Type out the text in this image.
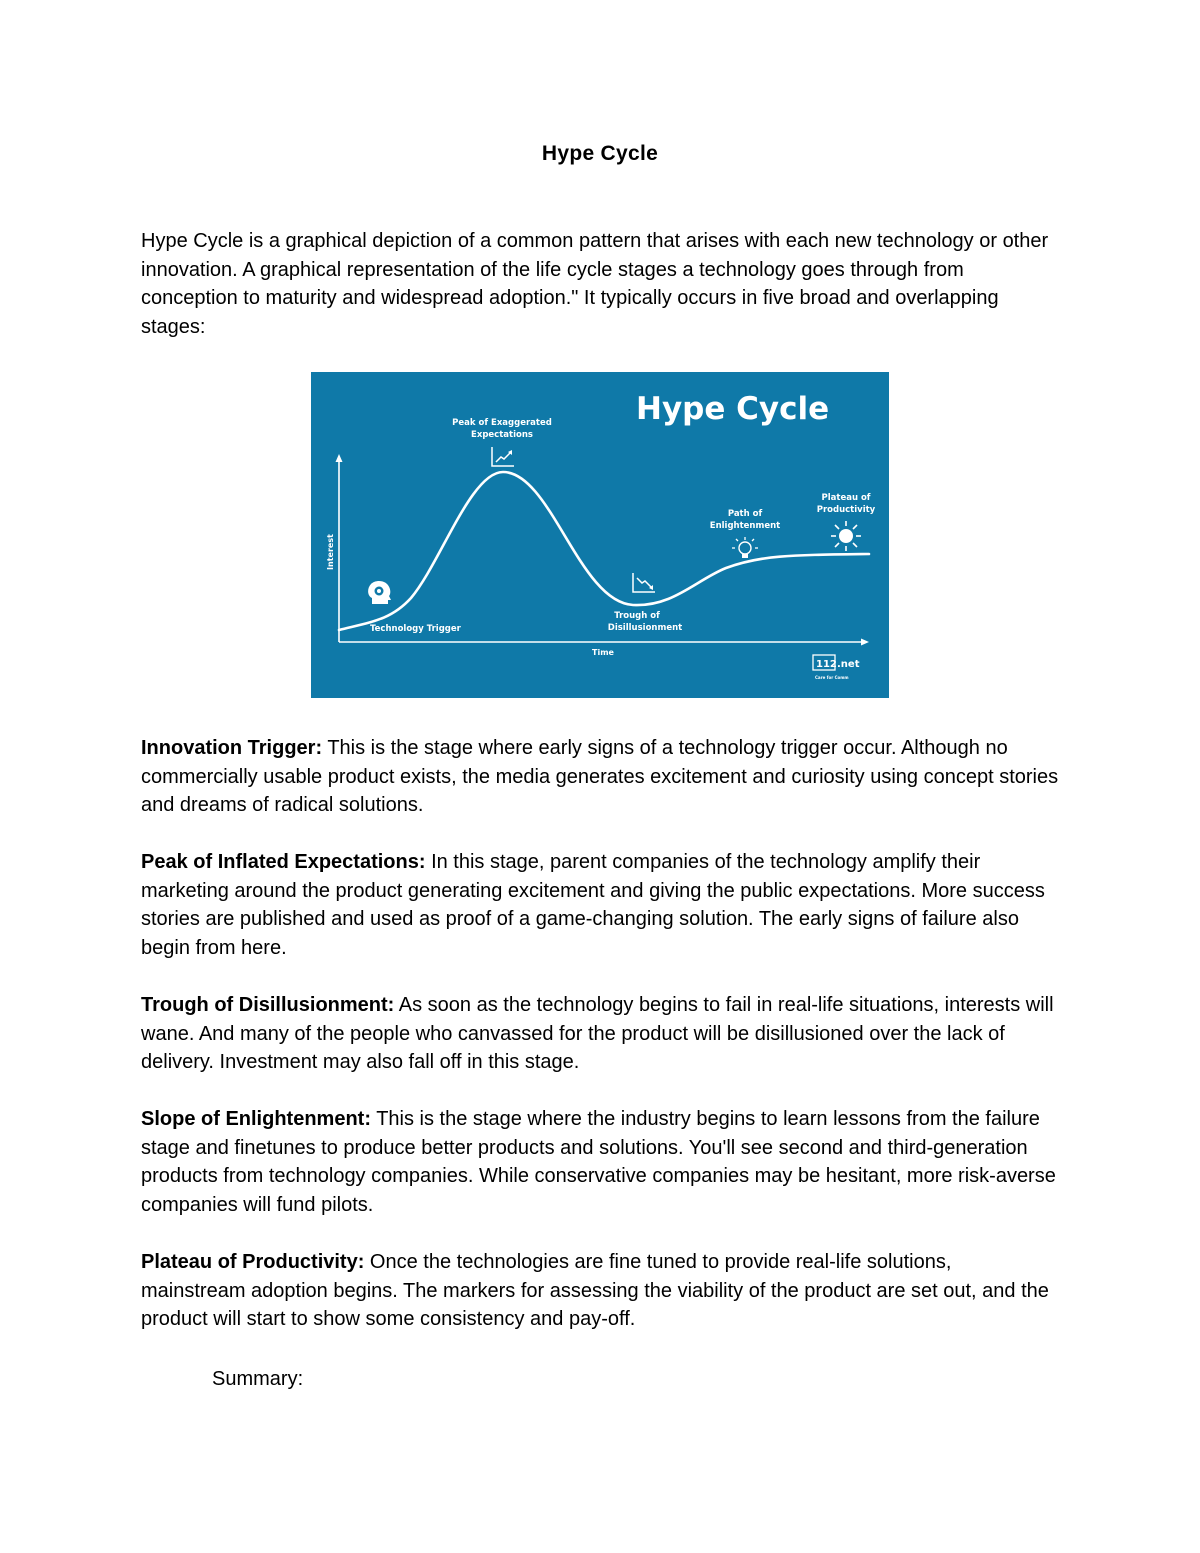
Hype Cycle

Hype Cycle is a graphical depiction of a common pattern that arises with each new technology or other innovation. A graphical representation of the life cycle stages a technology goes through from conception to maturity and widespread adoption." It typically occurs in five broad and overlapping stages:

Hype Cycle
Interest
Time
Technology Trigger
Peak of Exaggerated
Expectations
Trough of
Disillusionment
Path of
Enlightenment
Plateau of
Productivity
112 .net
Care for Comm

Innovation Trigger: This is the stage where early signs of a technology trigger occur. Although no commercially usable product exists, the media generates excitement and curiosity using concept stories and dreams of radical solutions.

Peak of Inflated Expectations: In this stage, parent companies of the technology amplify their marketing around the product generating excitement and giving the public expectations. More success stories are published and used as proof of a game-changing solution. The early signs of failure also begin from here.

Trough of Disillusionment: As soon as the technology begins to fail in real-life situations, interests will wane. And many of the people who canvassed for the product will be disillusioned over the lack of delivery. Investment may also fall off in this stage.

Slope of Enlightenment: This is the stage where the industry begins to learn lessons from the failure stage and finetunes to produce better products and solutions. You'll see second and third-generation products from technology companies. While conservative companies may be hesitant, more risk-averse companies will fund pilots.

Plateau of Productivity: Once the technologies are fine tuned to provide real-life solutions, mainstream adoption begins. The markers for assessing the viability of the product are set out, and the product will start to show some consistency and pay-off.

Summary:
